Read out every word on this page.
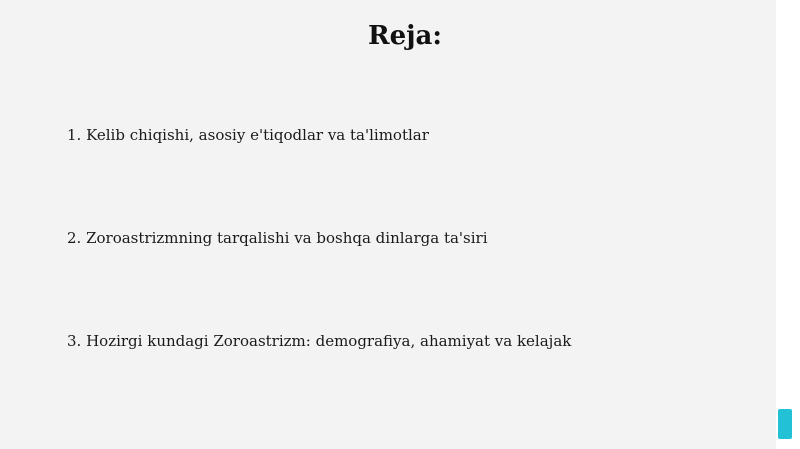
Reja:
1. Kelib chiqishi, asosiy e'tiqodlar va ta'limotlar
2. Zoroastrizmning tarqalishi va boshqa dinlarga ta'siri
3. Hozirgi kundagi Zoroastrizm: demografiya, ahamiyat va kelajak
